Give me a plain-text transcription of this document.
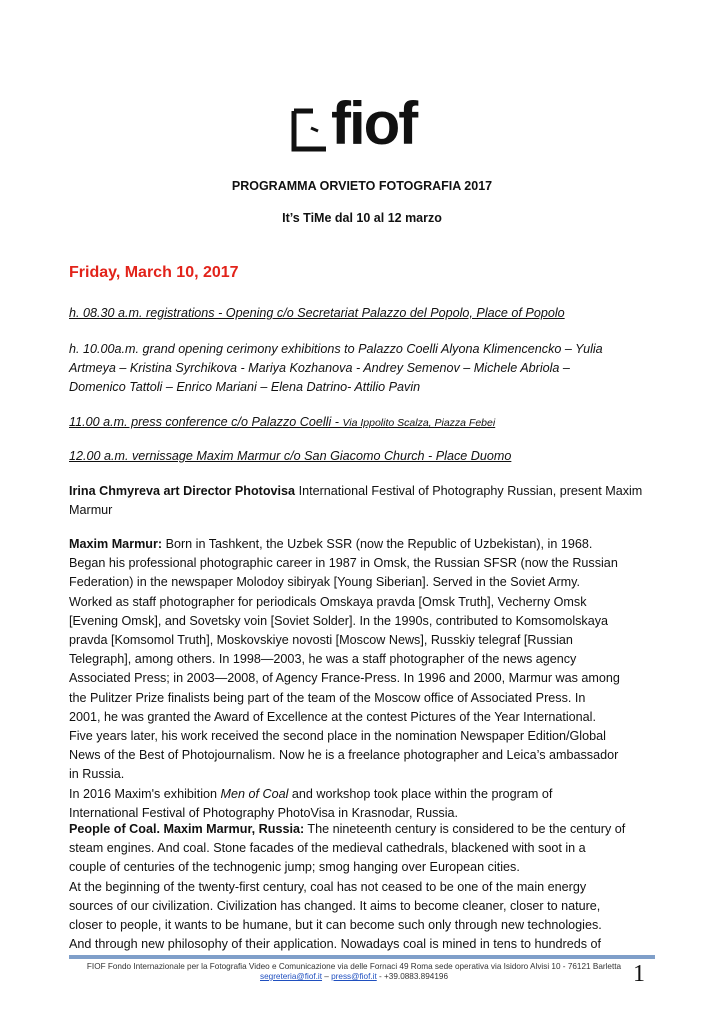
fiof
PROGRAMMA ORVIETO FOTOGRAFIA 2017
It’s TiMe dal 10 al 12 marzo
Friday, March 10, 2017
h. 08.30 a.m. registrations - Opening c/o Secretariat Palazzo del Popolo, Place of Popolo
h. 10.00a.m. grand opening cerimony exhibitions to Palazzo Coelli Alyona Klimencencko – Yulia
Artmeya – Kristina Syrchikova - Mariya Kozhanova - Andrey Semenov – Michele Abriola –
Domenico Tattoli – Enrico Mariani – Elena Datrino- Attilio Pavin
11.00 a.m. press conference c/o Palazzo Coelli - Via Ippolito Scalza, Piazza Febei
12.00 a.m. vernissage Maxim Marmur c/o San Giacomo Church - Place Duomo
Irina Chmyreva art Director Photovisa International Festival of Photography Russian, present Maxim
Marmur
Maxim Marmur: Born in Tashkent, the Uzbek SSR (now the Republic of Uzbekistan), in 1968.
Began his professional photographic career in 1987 in Omsk, the Russian SFSR (now the Russian
Federation) in the newspaper Molodoy sibiryak [Young Siberian]. Served in the Soviet Army.
Worked as staff photographer for periodicals Omskaya pravda [Omsk Truth], Vecherny Omsk
[Evening Omsk], and Sovetsky voin [Soviet Solder]. In the 1990s, contributed to Komsomolskaya
pravda [Komsomol Truth], Moskovskiye novosti [Moscow News], Russkiy telegraf [Russian
Telegraph], among others. In 1998—2003, he was a staff photographer of the news agency
Associated Press; in 2003—2008, of Agency France-Press. In 1996 and 2000, Marmur was among
the Pulitzer Prize finalists being part of the team of the Moscow office of Associated Press. In
2001, he was granted the Award of Excellence at the contest Pictures of the Year International.
Five years later, his work received the second place in the nomination Newspaper Edition/Global
News of the Best of Photojournalism. Now he is a freelance photographer and Leica’s ambassador
in Russia.
In 2016 Maxim's exhibition Men of Coal and workshop took place within the program of
International Festival of Photography PhotoVisa in Krasnodar, Russia.
People of Coal. Maxim Marmur, Russia: The nineteenth century is considered to be the century of
steam engines. And coal. Stone facades of the medieval cathedrals, blackened with soot in a
couple of centuries of the technogenic jump; smog hanging over European cities.
At the beginning of the twenty-first century, coal has not ceased to be one of the main energy
sources of our civilization. Civilization has changed. It aims to become cleaner, closer to nature,
closer to people, it wants to be humane, but it can become such only through new technologies.
And through new philosophy of their application. Nowadays coal is mined in tens to hundreds of
FIOF Fondo Internazionale per la Fotografia Video e Comunicazione via delle Fornaci 49 Roma sede operativa via Isidoro Alvisi 10 - 76121 Barletta
segreteria@fiof.it – press@fiof.it - +39.0883.894196	1
